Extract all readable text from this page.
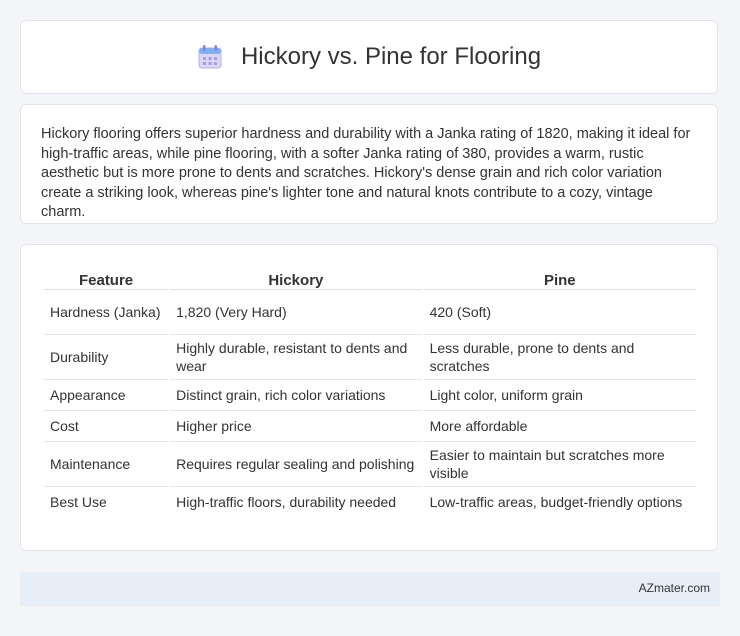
Hickory vs. Pine for Flooring

Hickory flooring offers superior hardness and durability with a Janka rating of 1820, making it ideal for high-traffic areas, while pine flooring, with a softer Janka rating of 380, provides a warm, rustic aesthetic but is more prone to dents and scratches. Hickory's dense grain and rich color variation create a striking look, whereas pine's lighter tone and natural knots contribute to a cozy, vintage charm.

Feature	Hickory	Pine
Hardness (Janka)	1,820 (Very Hard)	420 (Soft)
Durability	Highly durable, resistant to dents and wear	Less durable, prone to dents and scratches
Appearance	Distinct grain, rich color variations	Light color, uniform grain
Cost	Higher price	More affordable
Maintenance	Requires regular sealing and polishing	Easier to maintain but scratches more visible
Best Use	High-traffic floors, durability needed	Low-traffic areas, budget-friendly options
AZmater.com
